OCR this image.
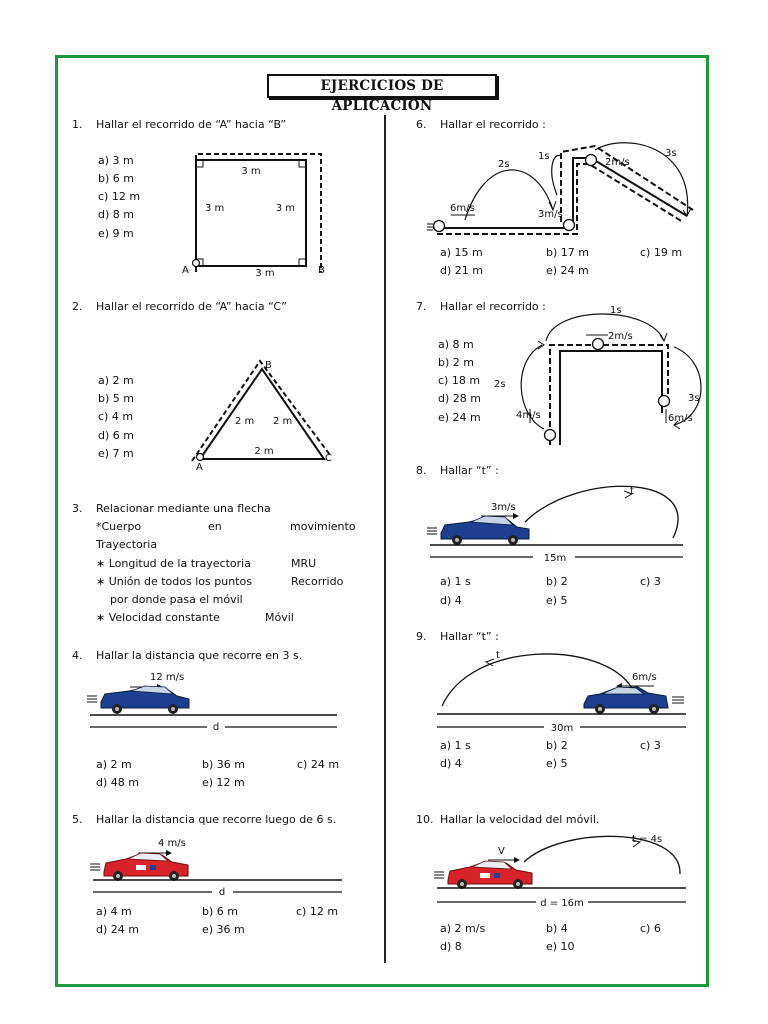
EJERCICIOS DE APLICACIÓN
1. Hallar el recorrido de “A” hacia “B”
a) 3 m
b) 6 m
c) 12 m
d) 8 m
e) 9 m
3 m
3 m	3 m
3 m
A	B
2. Hallar el recorrido de “A” hacia “C”
a) 2 m
b) 5 m
c) 4 m
d) 6 m
e) 7 m
B
2 m 2 m
2 m
A
C
3. Relacionar mediante una flecha
*Cuerpo	en	movimiento
Trayectoria
∗ Longitud de la trayectoria	MRU
∗ Unión de todos los puntos	Recorrido
por donde pasa el móvil
∗ Velocidad constante	Móvil
4. Hallar la distancia que recorre en 3 s.
12 m/s
d
a) 2 m	b) 36 m	c) 24 m
d) 48 m	e) 12 m
5. Hallar la distancia que recorre luego de 6 s.
4 m/s
d
a) 4 m	b) 6 m	c) 12 m
d) 24 m	e) 36 m
6. Hallar el recorrido :
6m/s
2s
1s
3m/s
2m/s
3s
a) 15 m	b) 17 m	c) 19 m
d) 21 m	e) 24 m
7. Hallar el recorrido :
a) 8 m
b) 2 m
c) 18 m
d) 28 m
e) 24 m
1s
2m/s
2s
3s
4m/s	6m/s
8. Hallar “t” :
t
3m/s
15m
a) 1 s	b) 2	c) 3
d) 4	e) 5
9. Hallar “t” :
t
6m/s
30m
a) 1 s	b) 2	c) 3
d) 4	e) 5
10. Hallar la velocidad del móvil.
t = 4s
V
d = 16m
a) 2 m/s	b) 4	c) 6
d) 8	e) 10
